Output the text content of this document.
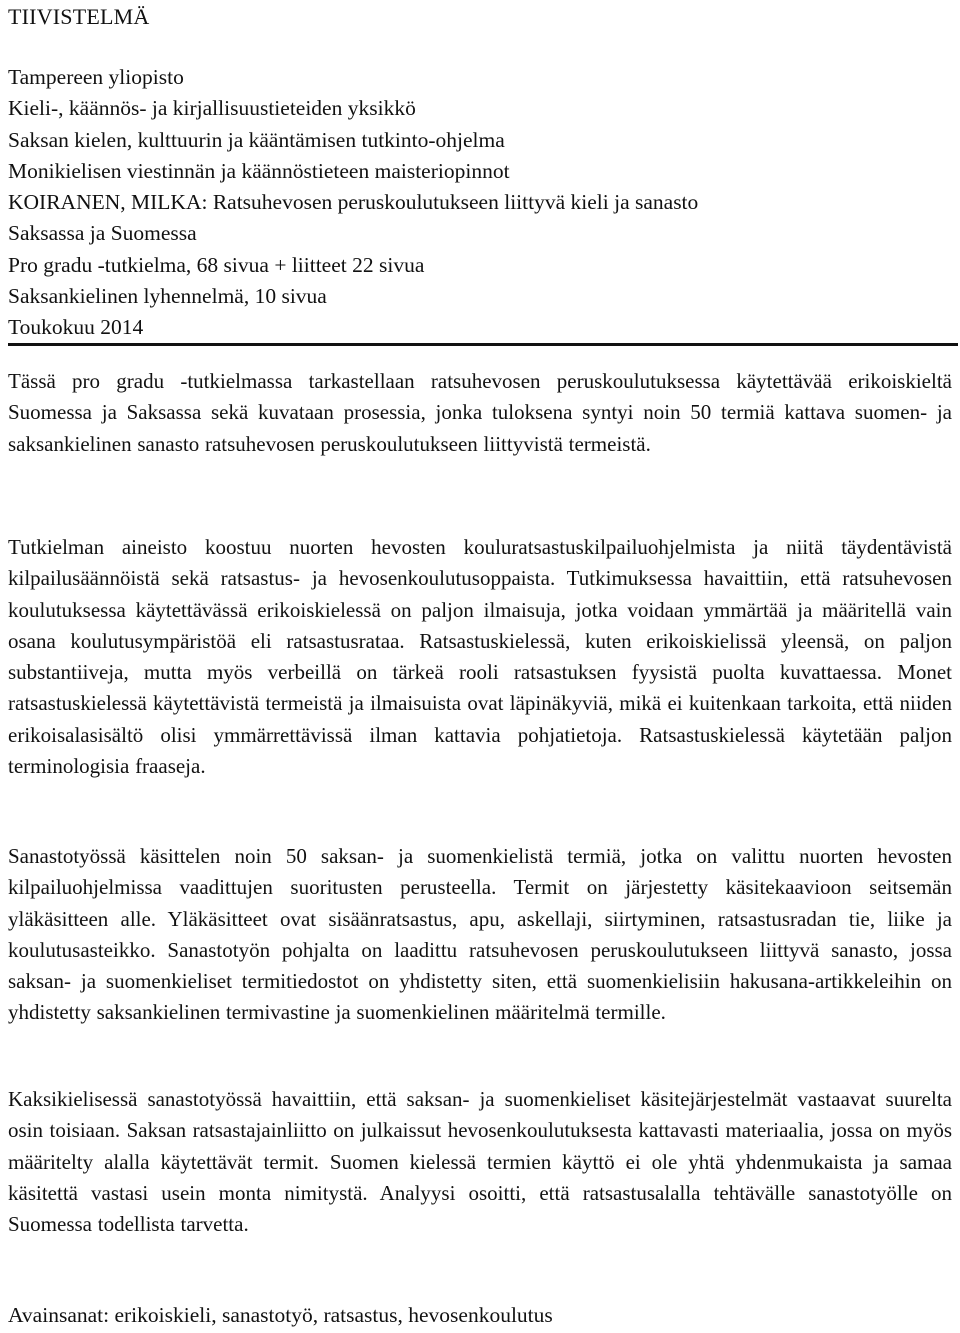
TIIVISTELMÄ
Tampereen yliopisto
Kieli-, käännös- ja kirjallisuustieteiden yksikkö
Saksan kielen, kulttuurin ja kääntämisen tutkinto-ohjelma
Monikielisen viestinnän ja käännöstieteen maisteriopinnot
KOIRANEN, MILKA: Ratsuhevosen peruskoulutukseen liittyvä kieli ja sanasto
Saksassa ja Suomessa
Pro gradu -tutkielma, 68 sivua + liitteet 22 sivua
Saksankielinen lyhennelmä, 10 sivua
Toukokuu 2014

Tässä pro gradu -tutkielmassa tarkastellaan ratsuhevosen peruskoulutuksessa käytettävää erikoiskieltä Suomessa ja Saksassa sekä kuvataan prosessia, jonka tuloksena syntyi noin 50 termiä kattava suomen- ja saksankielinen sanasto ratsuhevosen peruskoulutukseen liittyvistä termeistä.

Tutkielman aineisto koostuu nuorten hevosten kouluratsastuskilpailuohjelmista ja niitä täydentävistä kilpailusäännöistä sekä ratsastus- ja hevosenkoulutusoppaista. Tutkimuksessa havaittiin, että ratsuhevosen koulutuksessa käytettävässä erikoiskielessä on paljon ilmaisuja, jotka voidaan ymmärtää ja määritellä vain osana koulutusympäristöä eli ratsastusrataa. Ratsastuskielessä, kuten erikoiskielissä yleensä, on paljon substantiiveja, mutta myös verbeillä on tärkeä rooli ratsastuksen fyysistä puolta kuvattaessa. Monet ratsastuskielessä käytettävistä termeistä ja ilmaisuista ovat läpinäkyviä, mikä ei kuitenkaan tarkoita, että niiden erikoisalasisältö olisi ymmärrettävissä ilman kattavia pohjatietoja. Ratsastuskielessä käytetään paljon terminologisia fraaseja.

Sanastotyössä käsittelen noin 50 saksan- ja suomenkielistä termiä, jotka on valittu nuorten hevosten kilpailuohjelmissa vaadittujen suoritusten perusteella. Termit on järjestetty käsitekaavioon seitsemän yläkäsitteen alle. Yläkäsitteet ovat sisäänratsastus, apu, askellaji, siirtyminen, ratsastusradan tie, liike ja koulutusasteikko. Sanastotyön pohjalta on laadittu ratsuhevosen peruskoulutukseen liittyvä sanasto, jossa saksan- ja suomenkieliset termitiedostot on yhdistetty siten, että suomenkielisiin hakusana-artikkeleihin on yhdistetty saksankielinen termivastine ja suomenkielinen määritelmä termille.

Kaksikielisessä sanastotyössä havaittiin, että saksan- ja suomenkieliset käsitejärjestelmät vastaavat suurelta osin toisiaan. Saksan ratsastajainliitto on julkaissut hevosenkoulutuksesta kattavasti materiaalia, jossa on myös määritelty alalla käytettävät termit. Suomen kielessä termien käyttö ei ole yhtä yhdenmukaista ja samaa käsitettä vastasi usein monta nimitystä. Analyysi osoitti, että ratsastusalalla tehtävälle sanastotyölle on Suomessa todellista tarvetta.

Avainsanat: erikoiskieli, sanastotyö, ratsastus, hevosenkoulutus
